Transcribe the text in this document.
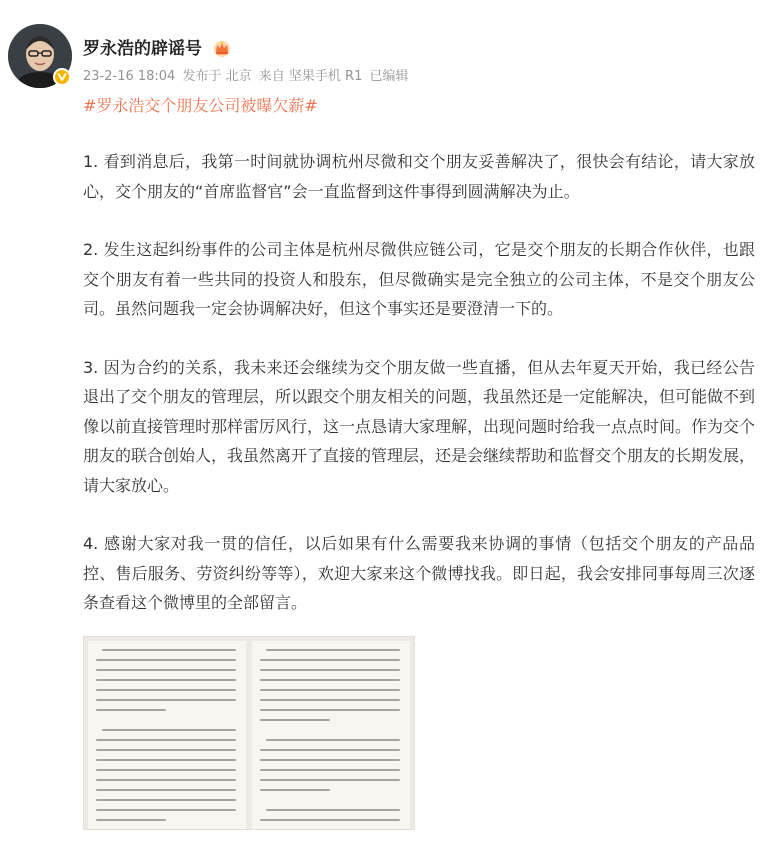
罗永浩的辟谣号
23-2-16 18:04 发布于 北京 来自 坚果手机 R1 已编辑
#罗永浩交个朋友公司被曝欠薪#

1. 看到消息后，我第一时间就协调杭州尽微和交个朋友妥善解决了，很快会有结论，请大家放心，交个朋友的“首席监督官”会一直监督到这件事得到圆满解决为止。

2. 发生这起纠纷事件的公司主体是杭州尽微供应链公司，它是交个朋友的长期合作伙伴，也跟交个朋友有着一些共同的投资人和股东，但尽微确实是完全独立的公司主体，不是交个朋友公司。虽然问题我一定会协调解决好，但这个事实还是要澄清一下的。

3. 因为合约的关系，我未来还会继续为交个朋友做一些直播，但从去年夏天开始，我已经公告退出了交个朋友的管理层，所以跟交个朋友相关的问题，我虽然还是一定能解决，但可能做不到像以前直接管理时那样雷厉风行，这一点恳请大家理解，出现问题时给我一点点时间。作为交个朋友的联合创始人，我虽然离开了直接的管理层，还是会继续帮助和监督交个朋友的长期发展，请大家放心。

4. 感谢大家对我一贯的信任，以后如果有什么需要我来协调的事情（包括交个朋友的产品品控、售后服务、劳资纠纷等等），欢迎大家来这个微博找我。即日起，我会安排同事每周三次逐条查看这个微博里的全部留言。
